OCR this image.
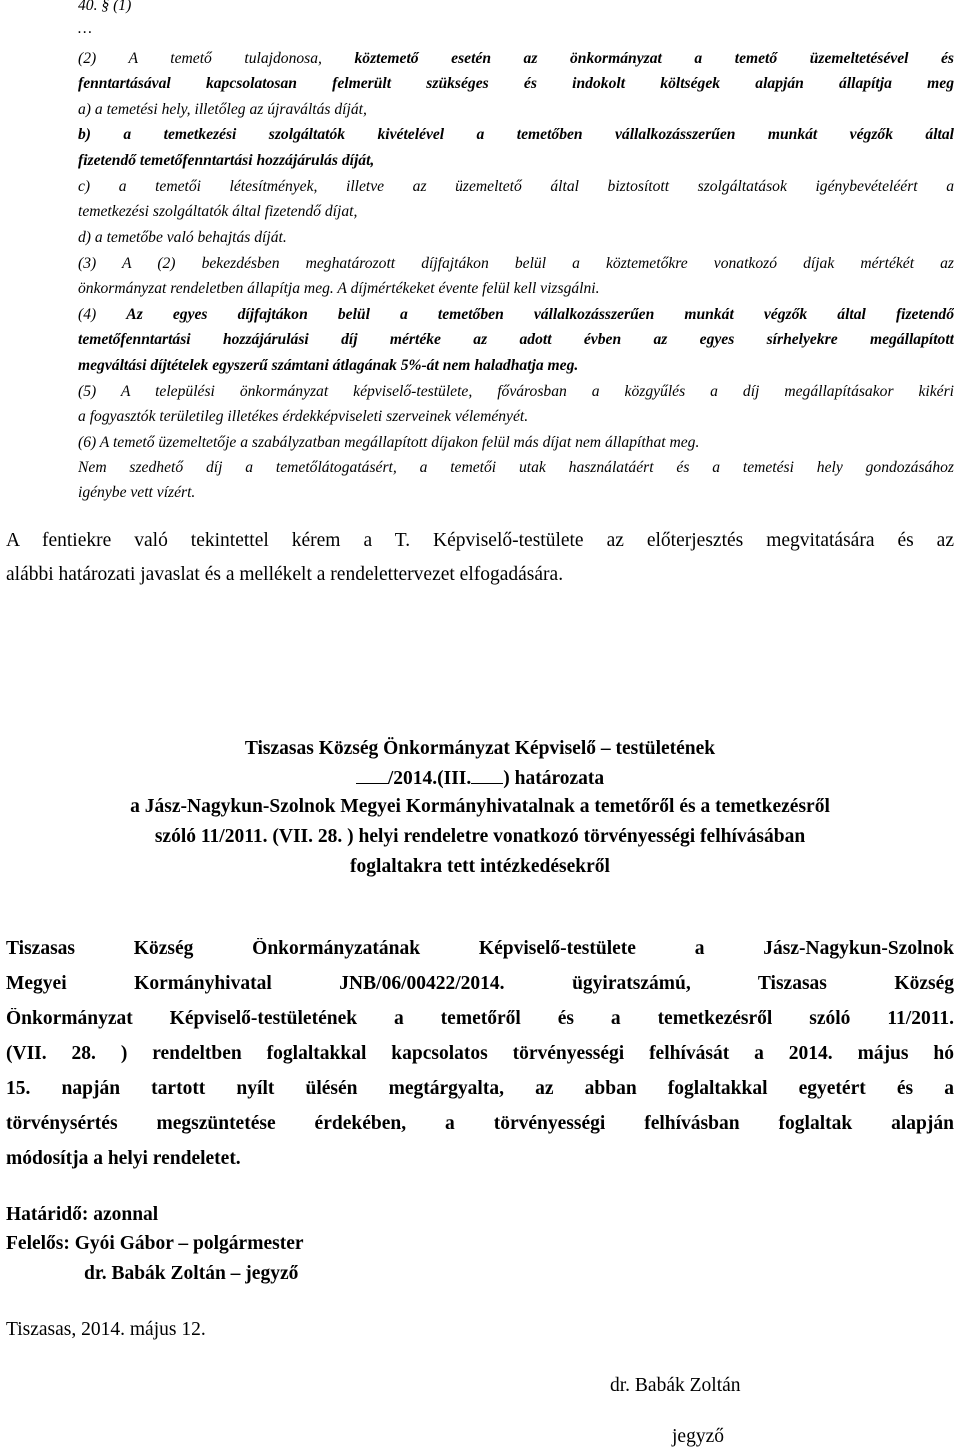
40. § (1)
…
(2) A temető tulajdonosa, köztemető esetén az önkormányzat a temető üzemeltetésével és
fenntartásával kapcsolatosan felmerült szükséges és indokolt költségek alapján állapítja meg
a) a temetési hely, illetőleg az újraváltás díját,
b) a temetkezési szolgáltatók kivételével a temetőben vállalkozásszerűen munkát végzők által
fizetendő temetőfenntartási hozzájárulás díját,
c) a temetői létesítmények, illetve az üzemeltető által biztosított szolgáltatások igénybevételéért a
temetkezési szolgáltatók által fizetendő díjat,
d) a temetőbe való behajtás díját.
(3) A (2) bekezdésben meghatározott díjfajtákon belül a köztemetőkre vonatkozó díjak mértékét az
önkormányzat rendeletben állapítja meg. A díjmértékeket évente felül kell vizsgálni.
(4) Az egyes díjfajtákon belül a temetőben vállalkozásszerűen munkát végzők által fizetendő
temetőfenntartási hozzájárulási díj mértéke az adott évben az egyes sírhelyekre megállapított
megváltási díjtételek egyszerű számtani átlagának 5%-át nem haladhatja meg.
(5) A települési önkormányzat képviselő-testülete, fővárosban a közgyűlés a díj megállapításakor kikéri
a fogyasztók területileg illetékes érdekképviseleti szerveinek véleményét.
(6) A temető üzemeltetője a szabályzatban megállapított díjakon felül más díjat nem állapíthat meg.
Nem szedhető díj a temetőlátogatásért, a temetői utak használatáért és a temetési hely gondozásához
igénybe vett vízért.
A fentiekre való tekintettel kérem a T. Képviselő-testülete az előterjesztés megvitatására és az
alábbi határozati javaslat és a mellékelt a rendelettervezet elfogadására.
Tiszasas Község Önkormányzat Képviselő – testületének
/2014.(III. ) határozata
a Jász-Nagykun-Szolnok Megyei Kormányhivatalnak a temetőről és a temetkezésről
szóló 11/2011. (VII. 28. ) helyi rendeletre vonatkozó törvényességi felhívásában
foglaltakra tett intézkedésekről
Tiszasas Község Önkormányzatának Képviselő-testülete a Jász-Nagykun-Szolnok
Megyei Kormányhivatal JNB/06/00422/2014. ügyiratszámú, Tiszasas Község
Önkormányzat Képviselő-testületének a temetőről és a temetkezésről szóló 11/2011.
(VII. 28. ) rendeltben foglaltakkal kapcsolatos törvényességi felhívását a 2014. május hó
15. napján tartott nyílt ülésén megtárgyalta, az abban foglaltakkal egyetért és a
törvénysértés megszüntetése érdekében, a törvényességi felhívásban foglaltak alapján
módosítja a helyi rendeletet.
Határidő: azonnal
Felelős: Gyói Gábor – polgármester
dr. Babák Zoltán – jegyző
Tiszasas, 2014. május 12.
dr. Babák Zoltán
jegyző
